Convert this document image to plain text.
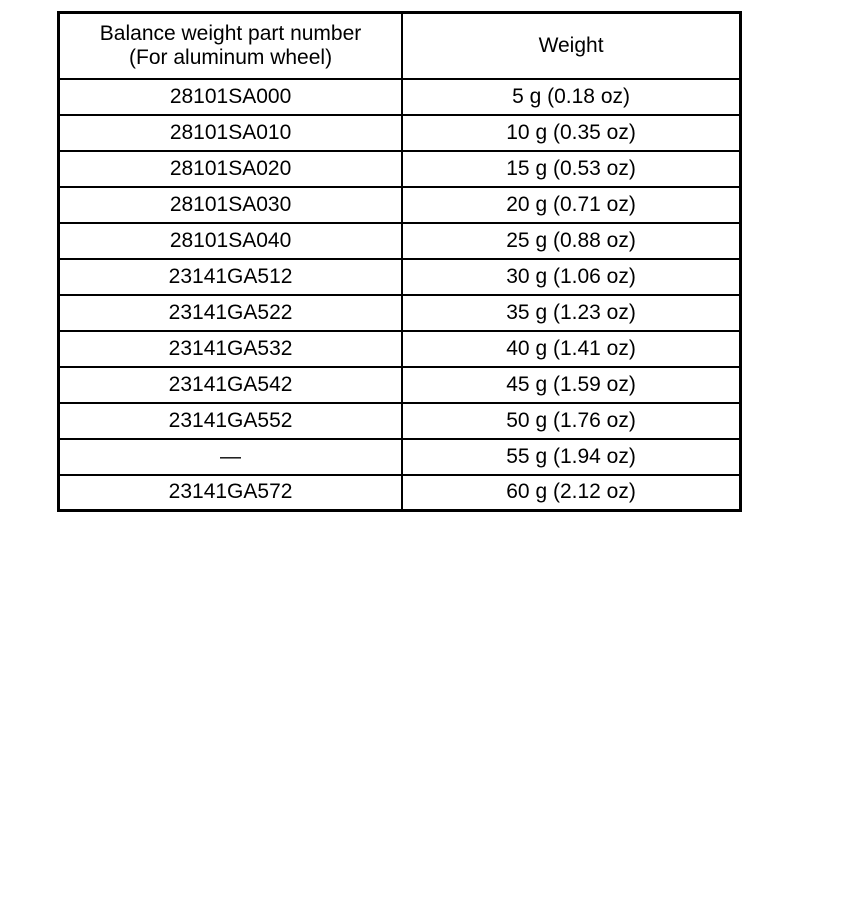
Balance weight part number
(For aluminum wheel)	Weight
28101SA000	5 g (0.18 oz)
28101SA010	10 g (0.35 oz)
28101SA020	15 g (0.53 oz)
28101SA030	20 g (0.71 oz)
28101SA040	25 g (0.88 oz)
23141GA512	30 g (1.06 oz)
23141GA522	35 g (1.23 oz)
23141GA532	40 g (1.41 oz)
23141GA542	45 g (1.59 oz)
23141GA552	50 g (1.76 oz)
—	55 g (1.94 oz)
23141GA572	60 g (2.12 oz)
